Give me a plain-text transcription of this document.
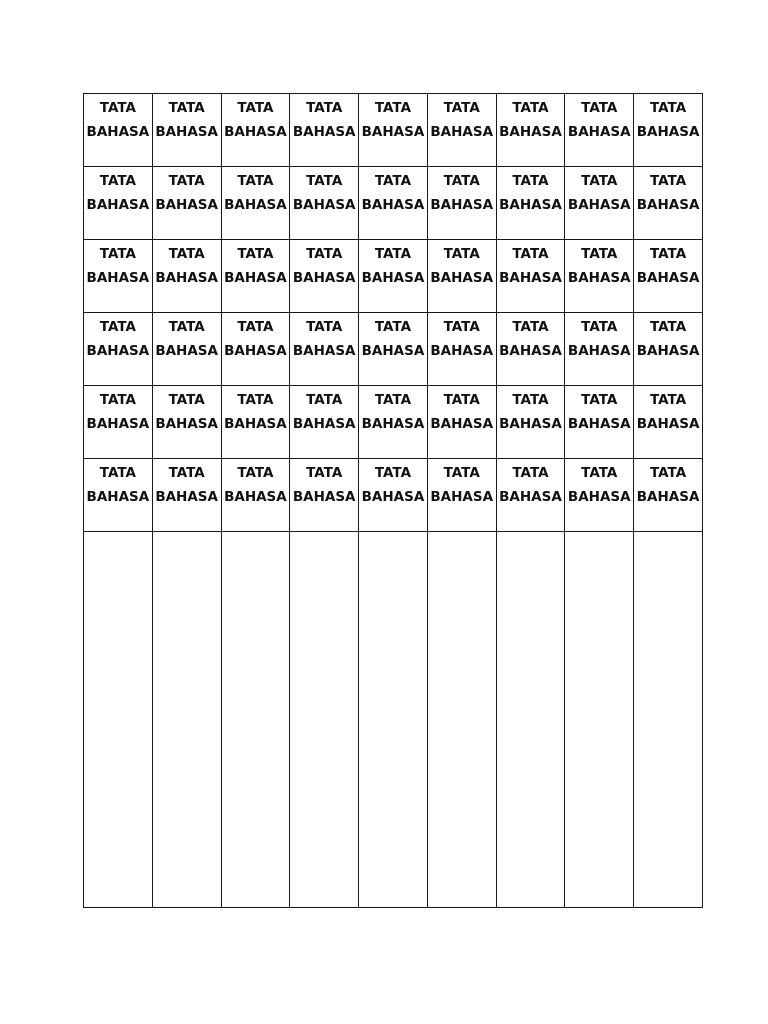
TATA
BAHASA	TATA
BAHASA	TATA
BAHASA	TATA
BAHASA	TATA
BAHASA	TATA
BAHASA	TATA
BAHASA	TATA
BAHASA	TATA
BAHASA

TATA
BAHASA	TATA
BAHASA	TATA
BAHASA	TATA
BAHASA	TATA
BAHASA	TATA
BAHASA	TATA
BAHASA	TATA
BAHASA	TATA
BAHASA

TATA
BAHASA	TATA
BAHASA	TATA
BAHASA	TATA
BAHASA	TATA
BAHASA	TATA
BAHASA	TATA
BAHASA	TATA
BAHASA	TATA
BAHASA

TATA
BAHASA	TATA
BAHASA	TATA
BAHASA	TATA
BAHASA	TATA
BAHASA	TATA
BAHASA	TATA
BAHASA	TATA
BAHASA	TATA
BAHASA

TATA
BAHASA	TATA
BAHASA	TATA
BAHASA	TATA
BAHASA	TATA
BAHASA	TATA
BAHASA	TATA
BAHASA	TATA
BAHASA	TATA
BAHASA

TATA
BAHASA	TATA
BAHASA	TATA
BAHASA	TATA
BAHASA	TATA
BAHASA	TATA
BAHASA	TATA
BAHASA	TATA
BAHASA	TATA
BAHASA
